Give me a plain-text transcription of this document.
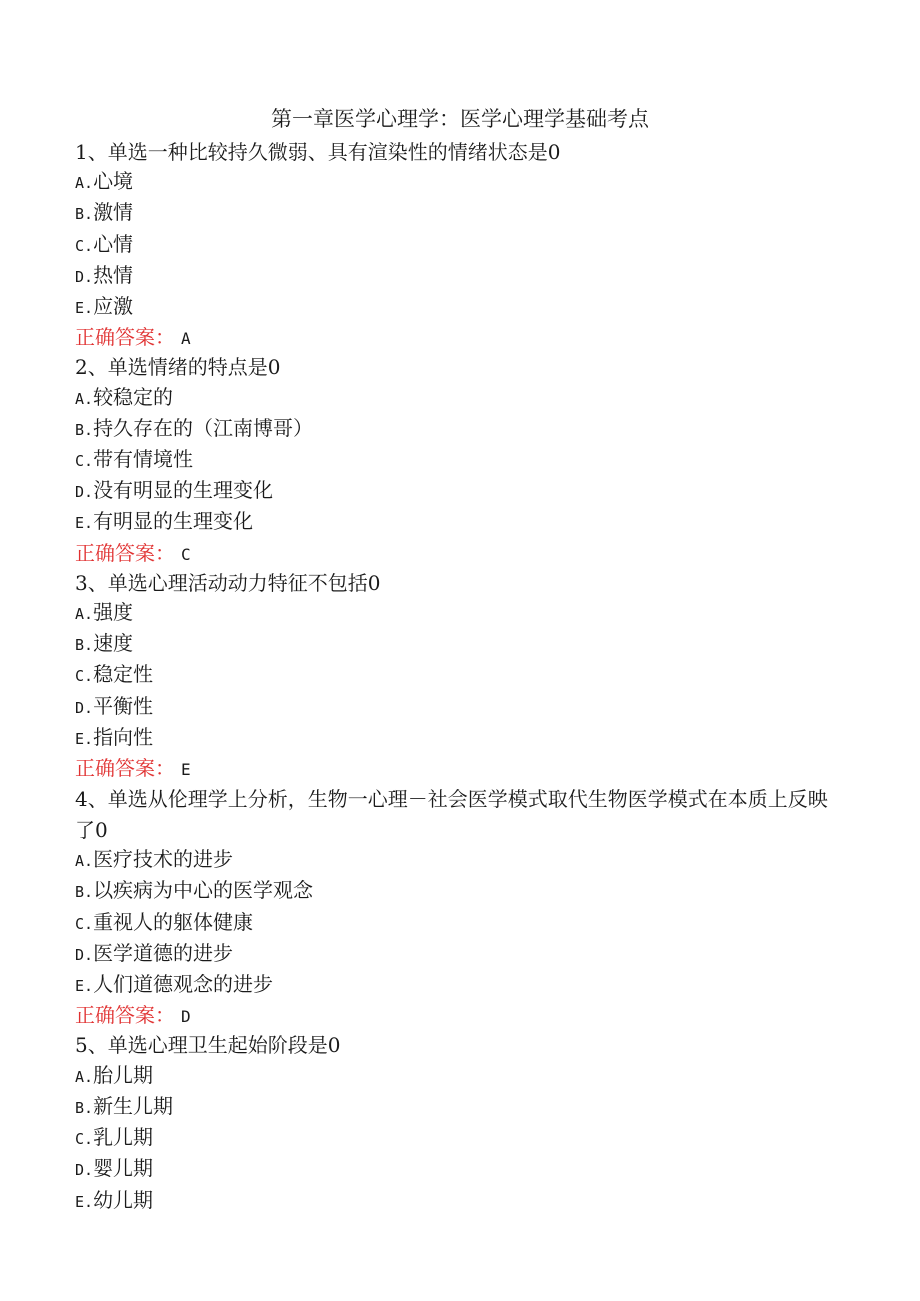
第一章医学心理学：医学心理学基础考点
1、单选一种比较持久微弱、具有渲染性的情绪状态是0
A.心境
B.激情
C.心情
D.热情
E.应激
正确答案： A
2、单选情绪的特点是0
A.较稳定的
B.持久存在的（江南博哥）
C.带有情境性
D.没有明显的生理变化
E.有明显的生理变化
正确答案： C
3、单选心理活动动力特征不包括0
A.强度
B.速度
C.稳定性
D.平衡性
E.指向性
正确答案： E
4、单选从伦理学上分析，生物一心理－社会医学模式取代生物医学模式在本质上反映了0
A.医疗技术的进步
B.以疾病为中心的医学观念
C.重视人的躯体健康
D.医学道德的进步
E.人们道德观念的进步
正确答案： D
5、单选心理卫生起始阶段是0
A.胎儿期
B.新生儿期
C.乳儿期
D.婴儿期
E.幼儿期
